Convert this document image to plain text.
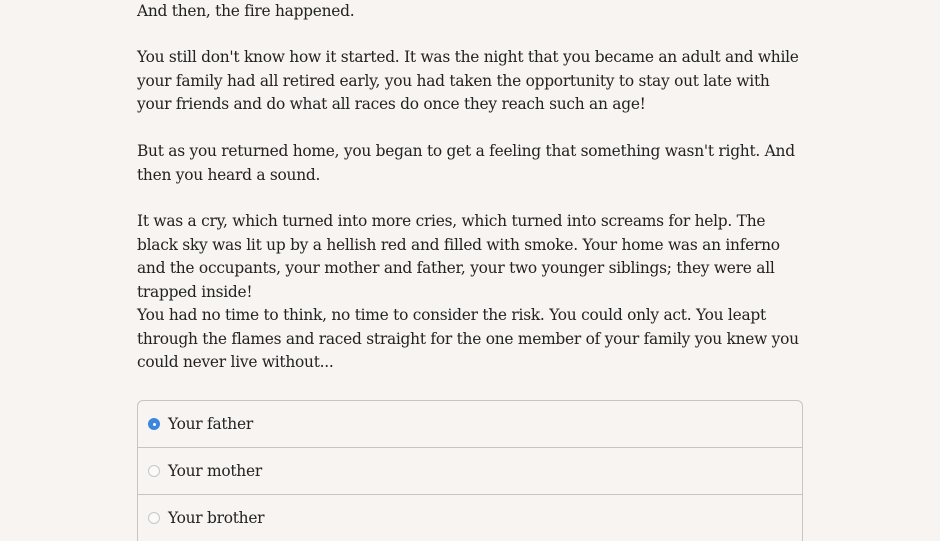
And then, the fire happened.

You still don't know how it started. It was the night that you became an adult and while your family had all retired early, you had taken the opportunity to stay out late with your friends and do what all races do once they reach such an age!

But as you returned home, you began to get a feeling that something wasn't right. And then you heard a sound.

It was a cry, which turned into more cries, which turned into screams for help. The black sky was lit up by a hellish red and filled with smoke. Your home was an inferno and the occupants, your mother and father, your two younger siblings; they were all trapped inside!

You had no time to think, no time to consider the risk. You could only act. You leapt through the flames and raced straight for the one member of your family you knew you could never live without...

Your father
Your mother
Your brother
